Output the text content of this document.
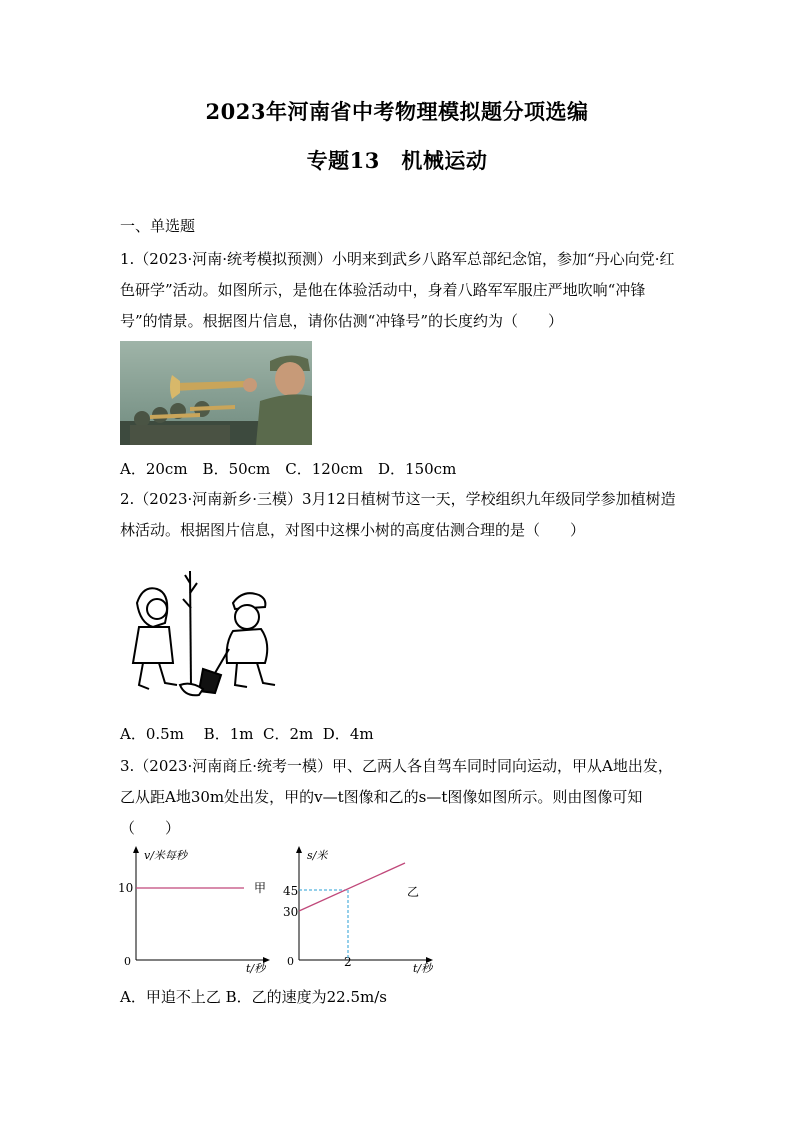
2023年河南省中考物理模拟题分项选编
专题13　机械运动
一、单选题
1.（2023·河南·统考模拟预测）小明来到武乡八路军总部纪念馆，参加“丹心向党·红色研学”活动。如图所示，是他在体验活动中，身着八路军军服庄严地吹响“冲锋号”的情景。根据图片信息，请你估测“冲锋号”的长度约为（　　）
A．20cm　B．50cm　C．120cm　D．150cm
2.（2023·河南新乡·三模）3月12日植树节这一天，学校组织九年级同学参加植树造林活动。根据图片信息，对图中这棵小树的高度估测合理的是（　　）
A．0.5m　 B．1m  C．2m  D．4m
3.（2023·河南商丘·统考一模）甲、乙两人各自驾车同时同向运动，甲从A地出发，乙从距A地30m处出发，甲的v—t图像和乙的s—t图像如图所示。则由图像可知（　　）
v/米每秒
t/秒
0
10	甲
s/米
t/秒
0
45
30
2
乙
A．甲追不上乙 B．乙的速度为22.5m/s
